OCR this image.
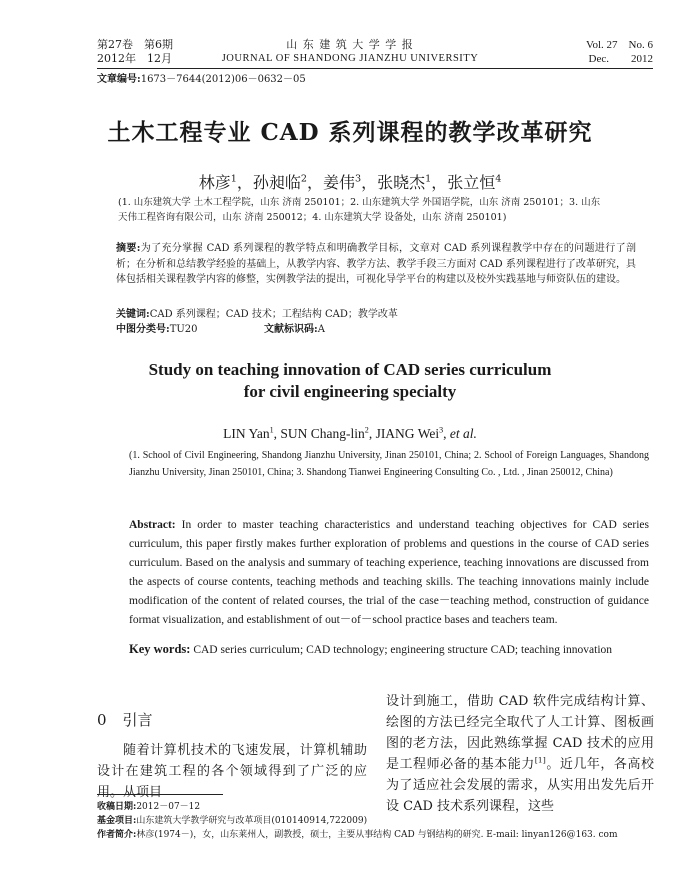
第27卷　第6期
2012年　12月
山 东 建 筑 大 学 学 报
JOURNAL OF SHANDONG JIANZHU UNIVERSITY
Vol. 27　No. 6
Dec.　　2012
文章编号:1673－7644(2012)06－0632－05
土木工程专业 CAD 系列课程的教学改革研究
林彦$^1$，孙昶临$^2$，姜伟$^3$，张晓杰$^1$，张立恒$^4$
(1. 山东建筑大学 土木工程学院，山东 济南 250101；2. 山东建筑大学 外国语学院，山东 济南 250101；3. 山东
天伟工程咨询有限公司，山东 济南 250012；4. 山东建筑大学 设备处，山东 济南 250101)
摘要:为了充分掌握 CAD 系列课程的教学特点和明确教学目标，文章对 CAD 系列课程教学中存在的问题进行了剖析；在分析和总结教学经验的基础上，从教学内容、教学方法、教学手段三方面对 CAD 系列课程进行了改革研究，具体包括相关课程教学内容的修整，实例教学法的提出，可视化导学平台的构建以及校外实践基地与师资队伍的建设。
关键词:CAD 系列课程；CAD 技术；工程结构 CAD；教学改革
中图分类号:TU20	文献标识码:A
Study on teaching innovation of CAD series curriculum
for civil engineering specialty
LIN Yan$^1$, SUN Chang-lin$^2$, JIANG Wei$^3$, et al.
(1. School of Civil Engineering, Shandong Jianzhu University, Jinan 250101, China; 2. School of Foreign Languages, Shandong Jianzhu University, Jinan 250101, China; 3. Shandong Tianwei Engineering Consulting Co. , Ltd. , Jinan 250012, China)
Abstract: In order to master teaching characteristics and understand teaching objectives for CAD series curriculum, this paper firstly makes further exploration of problems and questions in the course of CAD series curriculum. Based on the analysis and summary of teaching experience, teaching innovations are discussed from the aspects of course contents, teaching methods and teaching skills. The teaching innovations mainly include modification of the content of related courses, the trial of the case－teaching method, construction of guidance format visualization, and establishment of out－of－school practice bases and teachers team.
Key words: CAD series curriculum; CAD technology; engineering structure CAD; teaching innovation
0 引言
随着计算机技术的飞速发展，计算机辅助设计在建筑工程的各个领域得到了广泛的应用。从项目
设计到施工，借助 CAD 软件完成结构计算、绘图的方法已经完全取代了人工计算、图板画图的老方法，因此熟练掌握 CAD 技术的应用是工程师必备的基本能力[1]。近几年，各高校为了适应社会发展的需求，从实用出发先后开设 CAD 技术系列课程，这些
收稿日期:2012－07－12
基金项目:山东建筑大学教学研究与改革项目(010140914,722009)
作者简介:林彦(1974－)，女，山东莱州人，副教授，硕士，主要从事结构 CAD 与钢结构的研究. E-mail: linyan126@163. com
